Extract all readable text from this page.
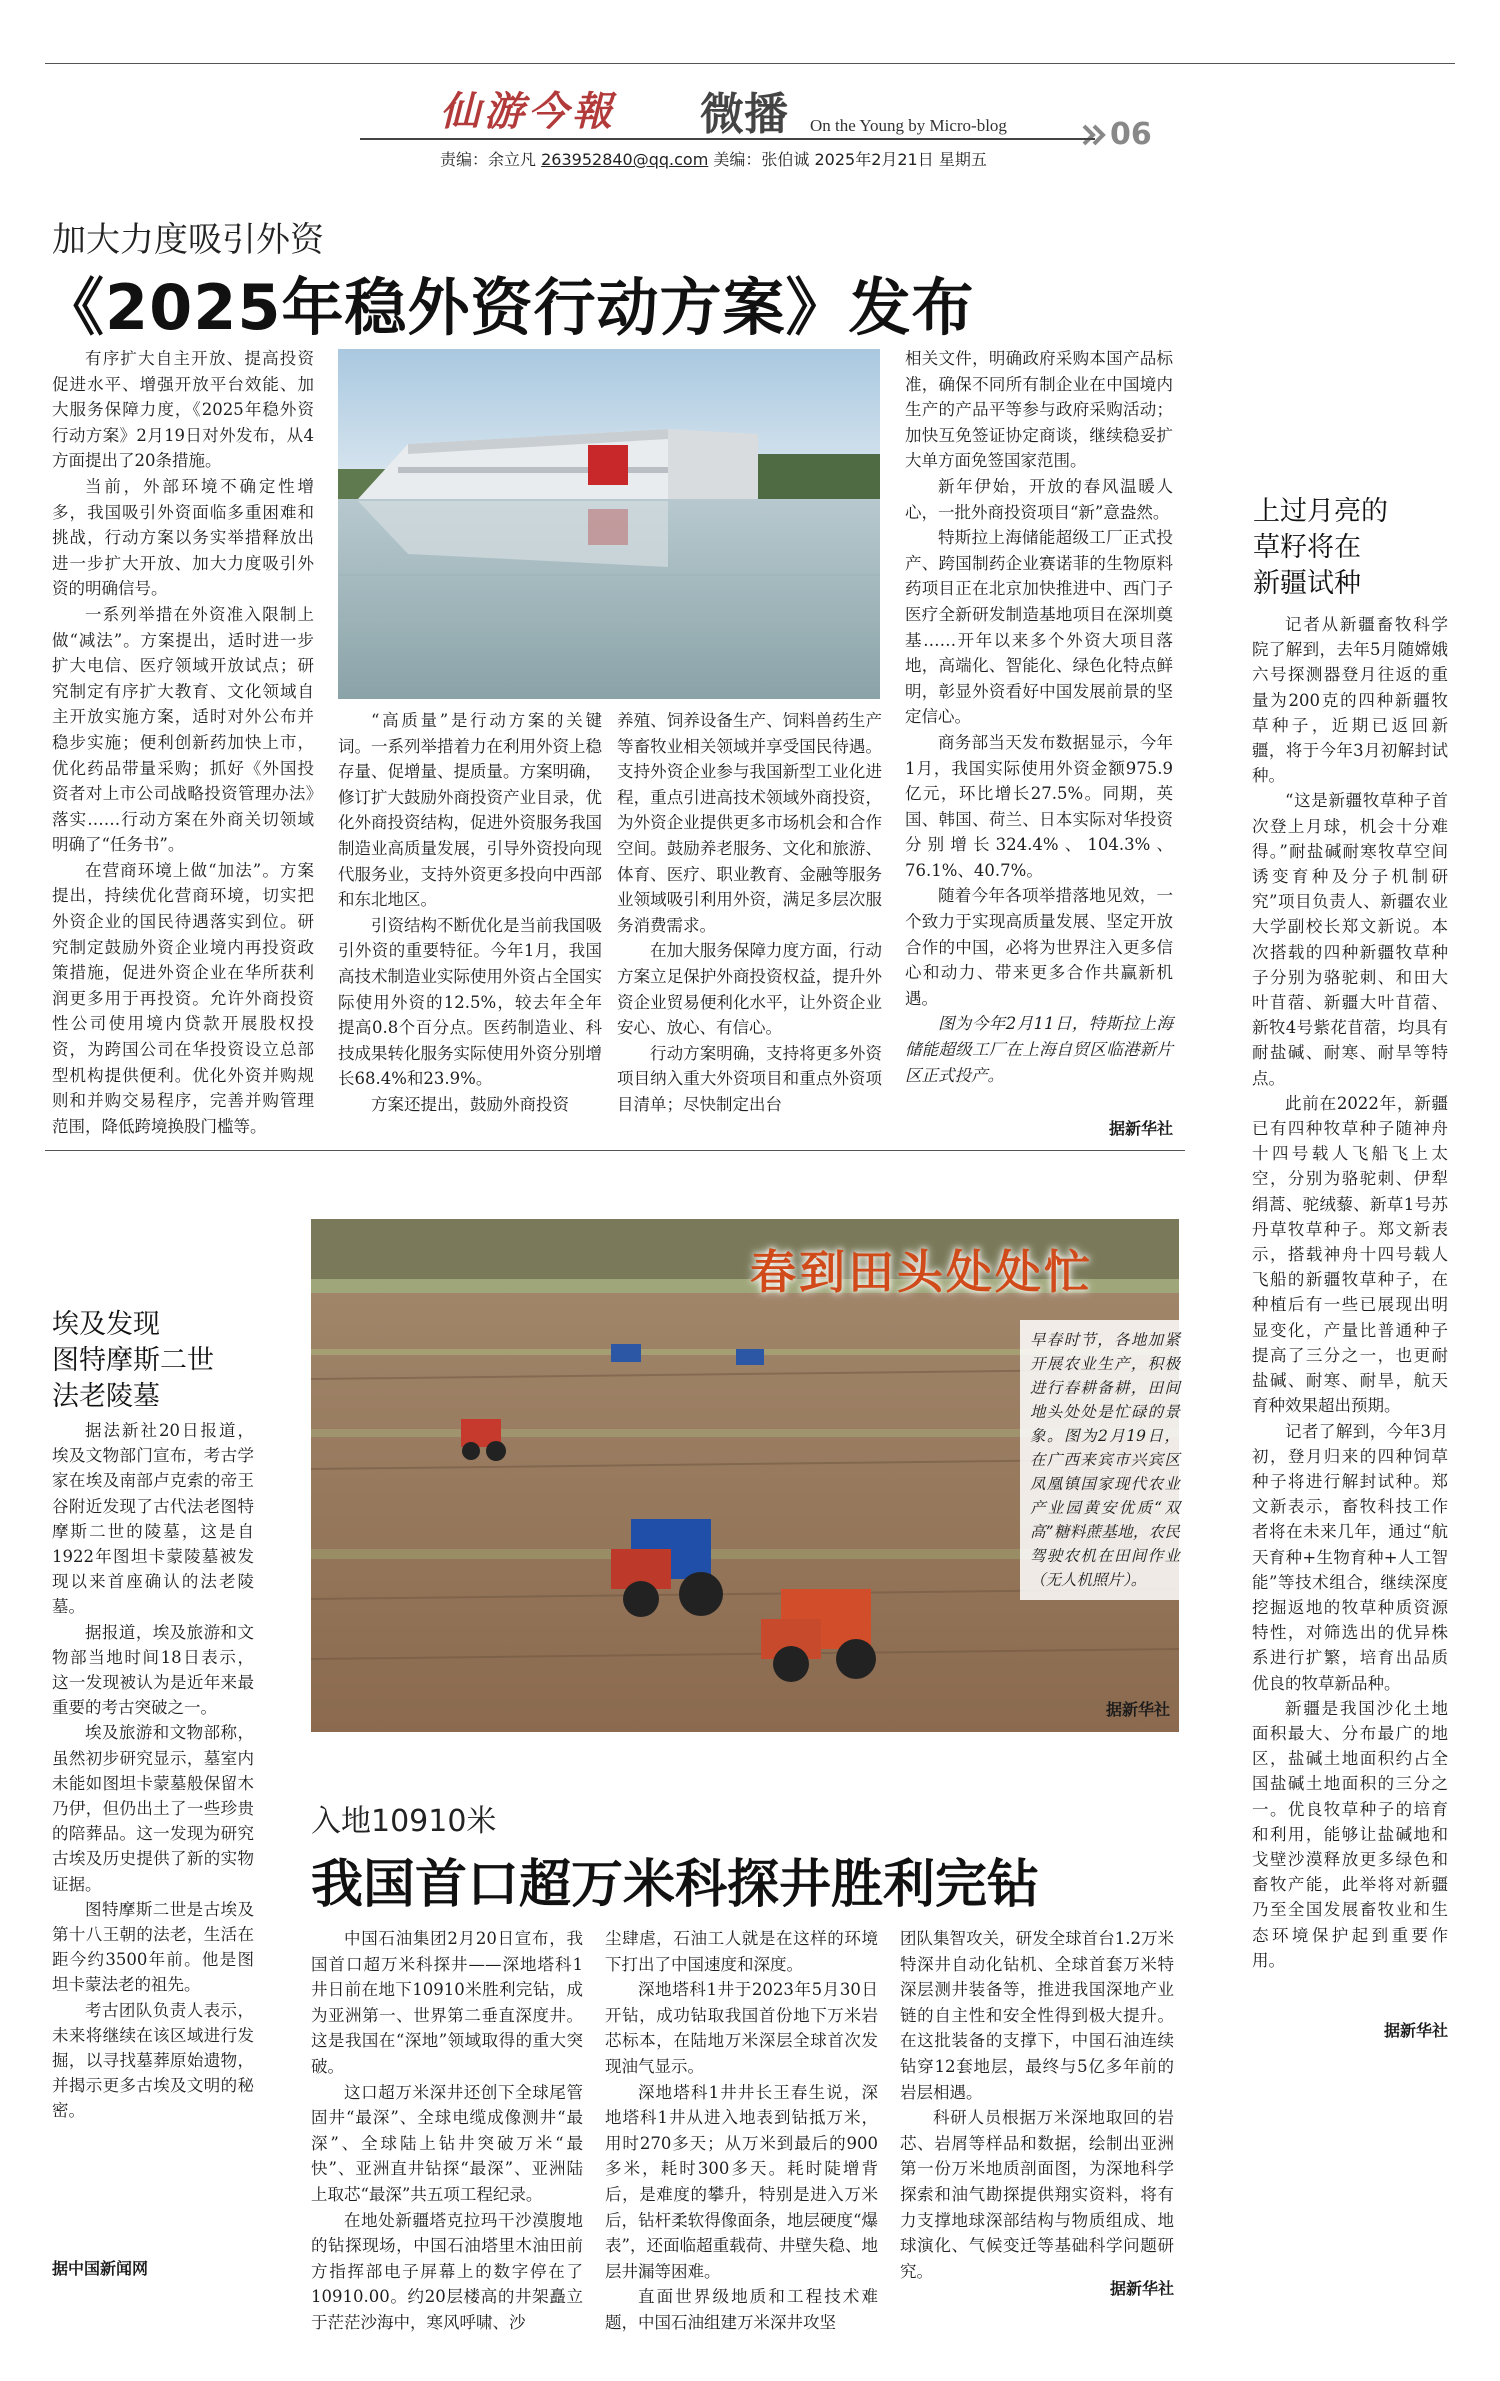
仙游今報 微播 On the Young by Micro-blog	06
责编：余立凡 263952840@qq.com 美编：张伯诚 2025年2月21日 星期五
加大力度吸引外资
《2025年稳外资行动方案》发布

有序扩大自主开放、提高投资促进水平、增强开放平台效能、加大服务保障力度，《2025年稳外资行动方案》2月19日对外发布，从4方面提出了20条措施。

当前，外部环境不确定性增多，我国吸引外资面临多重困难和挑战，行动方案以务实举措释放出进一步扩大开放、加大力度吸引外资的明确信号。

一系列举措在外资准入限制上做“减法”。方案提出，适时进一步扩大电信、医疗领域开放试点；研究制定有序扩大教育、文化领域自主开放实施方案，适时对外公布并稳步实施；便利创新药加快上市，优化药品带量采购；抓好《外国投资者对上市公司战略投资管理办法》落实……行动方案在外商关切领域明确了“任务书”。

在营商环境上做“加法”。方案提出，持续优化营商环境，切实把外资企业的国民待遇落实到位。研究制定鼓励外资企业境内再投资政策措施，促进外资企业在华所获利润更多用于再投资。允许外商投资性公司使用境内贷款开展股权投资，为跨国公司在华投资设立总部型机构提供便利。优化外资并购规则和并购交易程序，完善并购管理范围，降低跨境换股门槛等。

“高质量”是行动方案的关键词。一系列举措着力在利用外资上稳存量、促增量、提质量。方案明确，修订扩大鼓励外商投资产业目录，优化外商投资结构，促进外资服务我国制造业高质量发展，引导外资投向现代服务业，支持外资更多投向中西部和东北地区。

引资结构不断优化是当前我国吸引外资的重要特征。今年1月，我国高技术制造业实际使用外资占全国实际使用外资的12.5%，较去年全年提高0.8个百分点。医药制造业、科技成果转化服务实际使用外资分别增长68.4%和23.9%。

方案还提出，鼓励外商投资

养殖、饲养设备生产、饲料兽药生产等畜牧业相关领域并享受国民待遇。支持外资企业参与我国新型工业化进程，重点引进高技术领域外商投资，为外资企业提供更多市场机会和合作空间。鼓励养老服务、文化和旅游、体育、医疗、职业教育、金融等服务业领域吸引利用外资，满足多层次服务消费需求。

在加大服务保障力度方面，行动方案立足保护外商投资权益，提升外资企业贸易便利化水平，让外资企业安心、放心、有信心。

行动方案明确，支持将更多外资项目纳入重大外资项目和重点外资项目清单；尽快制定出台

相关文件，明确政府采购本国产品标准，确保不同所有制企业在中国境内生产的产品平等参与政府采购活动；加快互免签证协定商谈，继续稳妥扩大单方面免签国家范围。

新年伊始，开放的春风温暖人心，一批外商投资项目“新”意盎然。

特斯拉上海储能超级工厂正式投产、跨国制药企业赛诺菲的生物原料药项目正在北京加快推进中、西门子医疗全新研发制造基地项目在深圳奠基……开年以来多个外资大项目落地，高端化、智能化、绿色化特点鲜明，彰显外资看好中国发展前景的坚定信心。

商务部当天发布数据显示，今年1月，我国实际使用外资金额975.9亿元，环比增长27.5%。同期，英国、韩国、荷兰、日本实际对华投资分别增长324.4%、104.3%、76.1%、40.7%。

随着今年各项举措落地见效，一个致力于实现高质量发展、坚定开放合作的中国，必将为世界注入更多信心和动力、带来更多合作共赢新机遇。

图为今年2月11日，特斯拉上海储能超级工厂在上海自贸区临港新片区正式投产。

据新华社
上过月亮的
草籽将在
新疆试种

记者从新疆畜牧科学院了解到，去年5月随嫦娥六号探测器登月往返的重量为200克的四种新疆牧草种子，近期已返回新疆，将于今年3月初解封试种。

“这是新疆牧草种子首次登上月球，机会十分难得。”耐盐碱耐寒牧草空间诱变育种及分子机制研究”项目负责人、新疆农业大学副校长郑文新说。本次搭载的四种新疆牧草种子分别为骆驼刺、和田大叶苜蓿、新疆大叶苜蓿、新牧4号紫花苜蓿，均具有耐盐碱、耐寒、耐旱等特点。

此前在2022年，新疆已有四种牧草种子随神舟十四号载人飞船飞上太空，分别为骆驼刺、伊犁绢蒿、驼绒藜、新草1号苏丹草牧草种子。郑文新表示，搭载神舟十四号载人飞船的新疆牧草种子，在种植后有一些已展现出明显变化，产量比普通种子提高了三分之一，也更耐盐碱、耐寒、耐旱，航天育种效果超出预期。

记者了解到，今年3月初，登月归来的四种饲草种子将进行解封试种。郑文新表示，畜牧科技工作者将在未来几年，通过“航天育种+生物育种+人工智能”等技术组合，继续深度挖掘返地的牧草种质资源特性，对筛选出的优异株系进行扩繁，培育出品质优良的牧草新品种。

新疆是我国沙化土地面积最大、分布最广的地区，盐碱土地面积约占全国盐碱土地面积的三分之一。优良牧草种子的培育和利用，能够让盐碱地和戈壁沙漠释放更多绿色和畜牧产能，此举将对新疆乃至全国发展畜牧业和生态环境保护起到重要作用。

据新华社
埃及发现
图特摩斯二世
法老陵墓

据法新社20日报道，埃及文物部门宣布，考古学家在埃及南部卢克索的帝王谷附近发现了古代法老图特摩斯二世的陵墓，这是自1922年图坦卡蒙陵墓被发现以来首座确认的法老陵墓。

据报道，埃及旅游和文物部当地时间18日表示，这一发现被认为是近年来最重要的考古突破之一。

埃及旅游和文物部称，虽然初步研究显示，墓室内未能如图坦卡蒙墓般保留木乃伊，但仍出土了一些珍贵的陪葬品。这一发现为研究古埃及历史提供了新的实物证据。

图特摩斯二世是古埃及第十八王朝的法老，生活在距今约3500年前。他是图坦卡蒙法老的祖先。

考古团队负责人表示，未来将继续在该区域进行发掘，以寻找墓葬原始遗物，并揭示更多古埃及文明的秘密。

据中国新闻网
春到田头处处忙
早春时节，各地加紧开展农业生产，积极进行春耕备耕，田间地头处处是忙碌的景象。图为2月19日，在广西来宾市兴宾区凤凰镇国家现代农业产业园黄安优质“双高”糖料蔗基地，农民驾驶农机在田间作业（无人机照片）。
据新华社
入地10910米
我国首口超万米科探井胜利完钻

中国石油集团2月20日宣布，我国首口超万米科探井——深地塔科1井日前在地下10910米胜利完钻，成为亚洲第一、世界第二垂直深度井。这是我国在“深地”领域取得的重大突破。

这口超万米深井还创下全球尾管固井“最深”、全球电缆成像测井“最深”、全球陆上钻井突破万米“最快”、亚洲直井钻探“最深”、亚洲陆上取芯“最深”共五项工程纪录。

在地处新疆塔克拉玛干沙漠腹地的钻探现场，中国石油塔里木油田前方指挥部电子屏幕上的数字停在了10910.00。约20层楼高的井架矗立于茫茫沙海中，寒风呼啸、沙

尘肆虐，石油工人就是在这样的环境下打出了中国速度和深度。

深地塔科1井于2023年5月30日开钻，成功钻取我国首份地下万米岩芯标本，在陆地万米深层全球首次发现油气显示。

深地塔科1井井长王春生说，深地塔科1井从进入地表到钻抵万米，用时270多天；从万米到最后的900多米，耗时300多天。耗时陡增背后，是难度的攀升，特别是进入万米后，钻杆柔软得像面条，地层硬度“爆表”，还面临超重载荷、井壁失稳、地层井漏等困难。

直面世界级地质和工程技术难题，中国石油组建万米深井攻坚

团队集智攻关，研发全球首台1.2万米特深井自动化钻机、全球首套万米特深层测井装备等，推进我国深地产业链的自主性和安全性得到极大提升。在这批装备的支撑下，中国石油连续钻穿12套地层，最终与5亿多年前的岩层相遇。

科研人员根据万米深地取回的岩芯、岩屑等样品和数据，绘制出亚洲第一份万米地质剖面图，为深地科学探索和油气勘探提供翔实资料，将有力支撑地球深部结构与物质组成、地球演化、气候变迁等基础科学问题研究。

据新华社
